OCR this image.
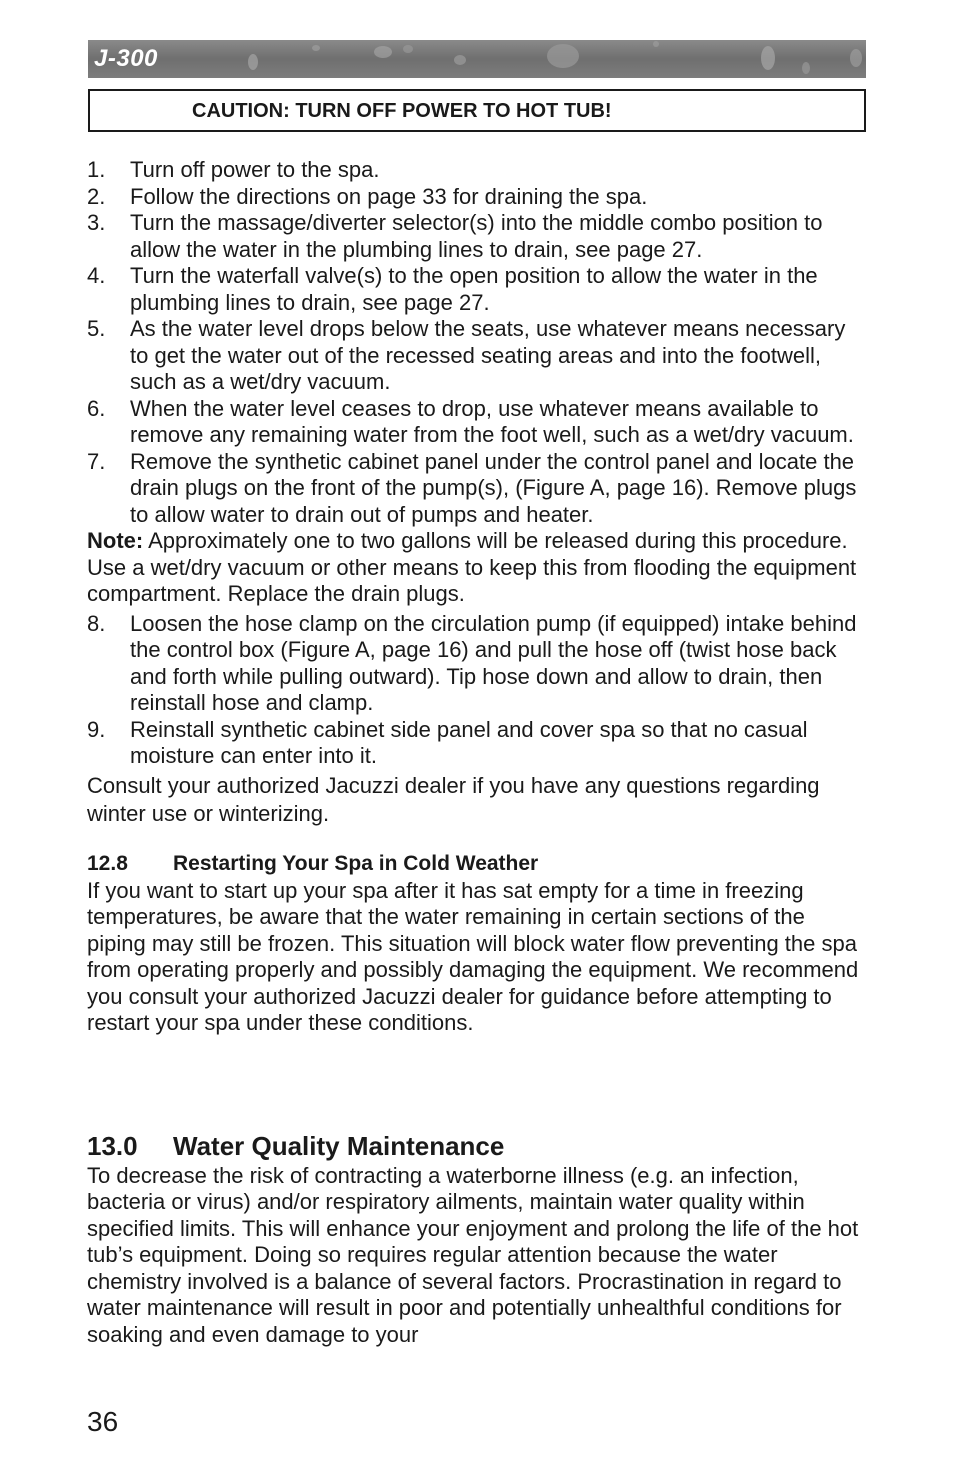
J-300
CAUTION: TURN OFF POWER TO HOT TUB!
1. Turn off power to the spa.
2. Follow the directions on page 33 for draining the spa.
3. Turn the massage/diverter selector(s) into the middle combo position to allow the water in the plumbing lines to drain, see page 27.
4. Turn the waterfall valve(s) to the open position to allow the water in the plumbing lines to drain, see page 27.
5. As the water level drops below the seats, use whatever means necessary to get the water out of the recessed seating areas and into the footwell, such as a wet/dry vacuum.
6. When the water level ceases to drop, use whatever means available to remove any remaining water from the foot well, such as a wet/dry vacuum.
7. Remove the synthetic cabinet panel under the control panel and locate the drain plugs on the front of the pump(s), (Figure A, page 16). Remove plugs to allow water to drain out of pumps and heater.

Note: Approximately one to two gallons will be released during this procedure. Use a wet/dry vacuum or other means to keep this from flooding the equipment compartment. Replace the drain plugs.

8. Loosen the hose clamp on the circulation pump (if equipped) intake behind the control box (Figure A, page 16) and pull the hose off (twist hose back and forth while pulling outward). Tip hose down and allow to drain, then reinstall hose and clamp.
9. Reinstall synthetic cabinet side panel and cover spa so that no casual moisture can enter into it.

Consult your authorized Jacuzzi dealer if you have any questions regarding winter use or winterizing.

12.8 Restarting Your Spa in Cold Weather

If you want to start up your spa after it has sat empty for a time in freezing temperatures, be aware that the water remaining in certain sections of the piping may still be frozen. This situation will block water flow preventing the spa from operating properly and possibly damaging the equipment. We recommend you consult your authorized Jacuzzi dealer for guidance before attempting to restart your spa under these conditions.

13.0 Water Quality Maintenance

To decrease the risk of contracting a waterborne illness (e.g. an infection, bacteria or virus) and/or respiratory ailments, maintain water quality within specified limits. This will enhance your enjoyment and prolong the life of the hot tub’s equipment. Doing so requires regular attention because the water chemistry involved is a balance of several factors. Procrastination in regard to water maintenance will result in poor and potentially unhealthful conditions for soaking and even damage to your

36
